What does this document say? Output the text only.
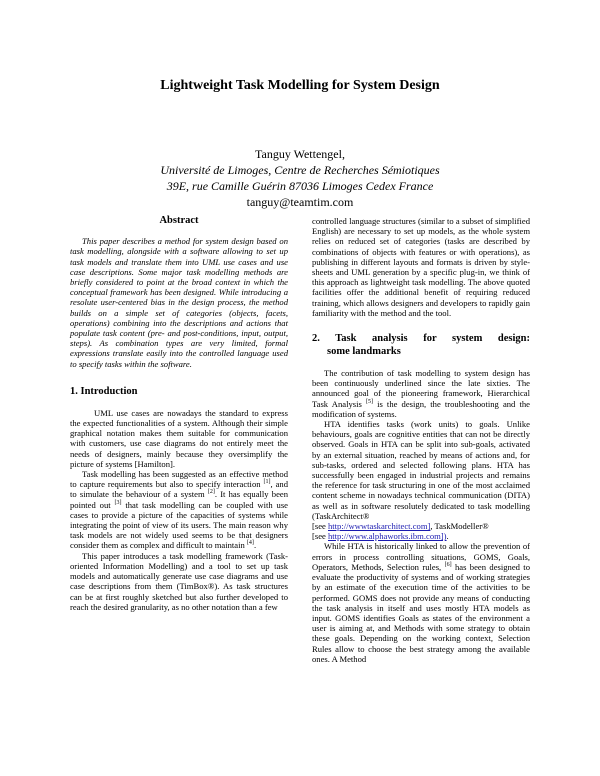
Lightweight Task Modelling for System Design
Tanguy Wettengel,
Université de Limoges, Centre de Recherches Sémiotiques
39E, rue Camille Guérin 87036 Limoges Cedex France
tanguy@teamtim.com
Abstract

This paper describes a method for system design based on task modelling, alongside with a software allowing to set up task models and translate them into UML use cases and use case descriptions. Some major task modelling methods are briefly considered to point at the broad context in which the conceptual framework has been designed. While introducing a resolute user-centered bias in the design process, the method builds on a simple set of categories (objects, facets, operations) combining into the descriptions and actions that populate task content (pre- and post-conditions, input, output, steps). As combination types are very limited, formal expressions translate easily into the controlled language used to specify tasks within the software.

1. Introduction

UML use cases are nowadays the standard to express the expected functionalities of a system. Although their simple graphical notation makes them suitable for communication with customers, use case diagrams do not entirely meet the needs of designers, mainly because they oversimplify the picture of systems [Hamilton].

Task modelling has been suggested as an effective method to capture requirements but also to specify interaction [1], and to simulate the behaviour of a system [2]. It has equally been pointed out [3] that task modelling can be coupled with use cases to provide a picture of the capacities of systems while integrating the point of view of its users. The main reason why task models are not widely used seems to be that designers consider them as complex and difficult to maintain [4].

This paper introduces a task modelling framework (Task-oriented Information Modelling) and a tool to set up task models and automatically generate use case diagrams and use case descriptions from them (TimBox®). As task structures can be at first roughly sketched but also further developed to reach the desired granularity, as no other notation than a few

controlled language structures (similar to a subset of simplified English) are necessary to set up models, as the whole system relies on reduced set of categories (tasks are described by combinations of objects with features or with operations), as publishing in different layouts and formats is driven by style-sheets and UML generation by a specific plug-in, we think of this approach as lightweight task modelling. The above quoted facilities offer the additional benefit of requiring reduced training, which allows designers and developers to rapidly gain familiarity with the method and the tool.

2. Task analysis for system design:
some landmarks

The contribution of task modelling to system design has been continuously underlined since the late sixties. The announced goal of the pioneering framework, Hierarchical Task Analysis [5] is the design, the troubleshooting and the modification of systems.

HTA identifies tasks (work units) to goals. Unlike behaviours, goals are cognitive entities that can not be directly observed. Goals in HTA can be split into sub-goals, activated by an external situation, reached by means of actions and, for sub-tasks, ordered and selected following plans. HTA has successfully been engaged in industrial projects and remains the reference for task structuring in one of the most acclaimed content scheme in nowadays technical communication (DITA) as well as in software resolutely dedicated to task modelling (TaskArchitect®
[see http://wwwtaskarchitect.com], TaskModeller®
[see http://www.alphaworks.ibm.com]).

While HTA is historically linked to allow the prevention of errors in process controlling situations, GOMS, Goals, Operators, Methods, Selection rules, [6] has been designed to evaluate the productivity of systems and of working strategies by an estimate of the execution time of the activities to be performed. GOMS does not provide any means of conducting the task analysis in itself and uses mostly HTA models as input. GOMS identifies Goals as states of the environment a user is aiming at, and Methods with some strategy to obtain these goals. Depending on the working context, Selection Rules allow to choose the best strategy among the available ones. A Method
